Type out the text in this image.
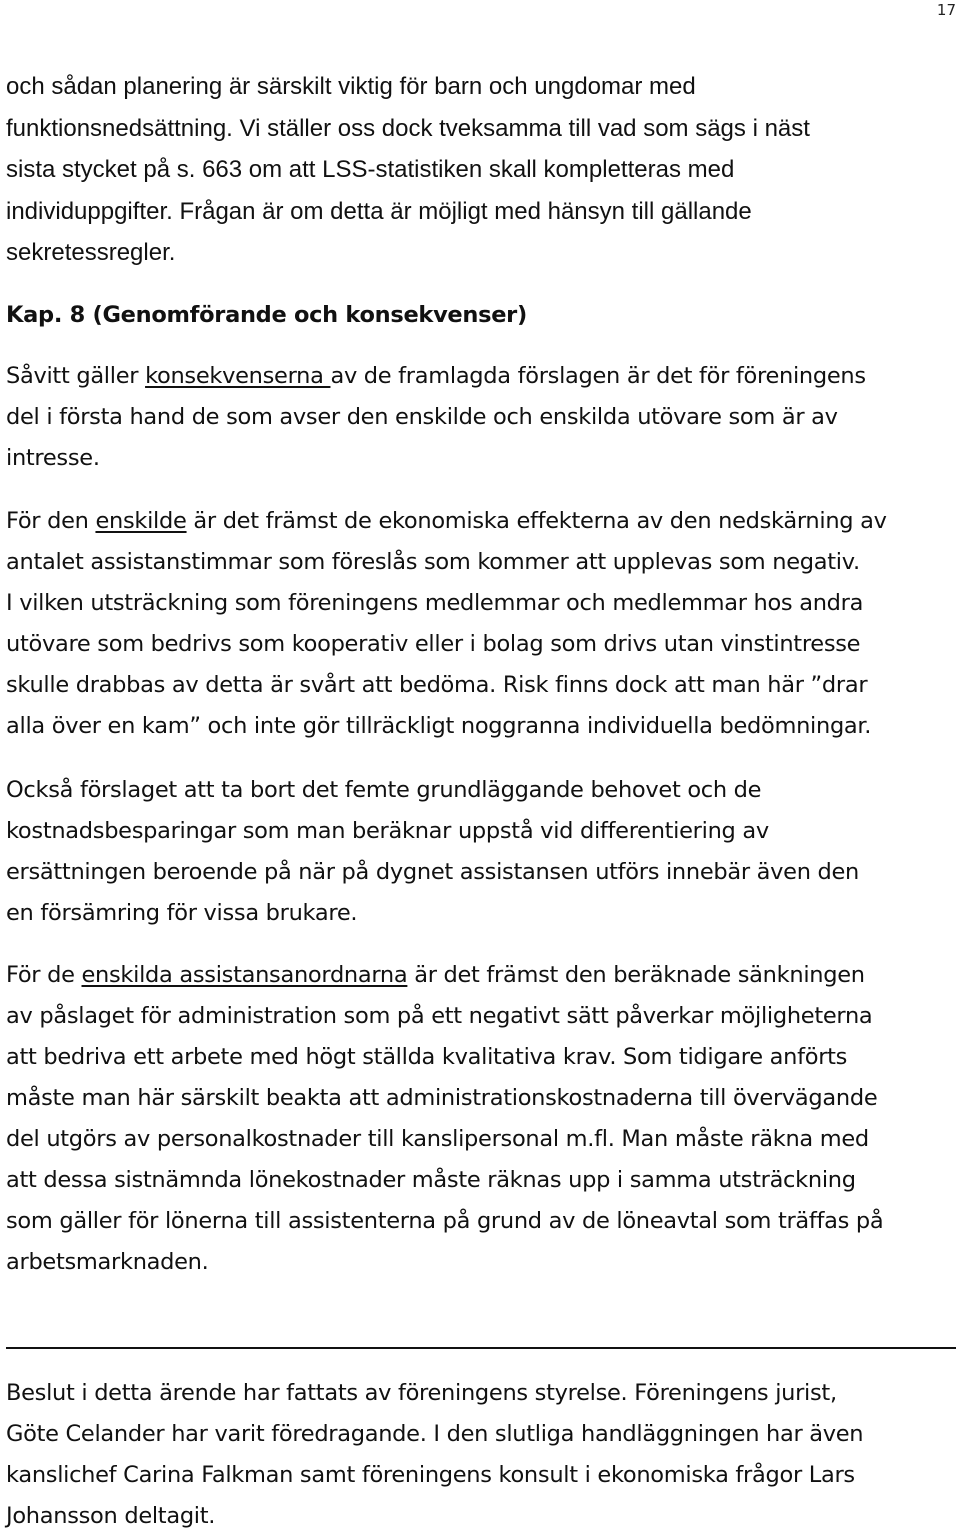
17
och sådan planering är särskilt viktig för barn och ungdomar med
funktionsnedsättning. Vi ställer oss dock tveksamma till vad som sägs i näst
sista stycket på s. 663 om att LSS-statistiken skall kompletteras med
individuppgifter. Frågan är om detta är möjligt med hänsyn till gällande
sekretessregler.
Kap. 8 (Genomförande och konsekvenser)
Såvitt gäller konsekvenserna av de framlagda förslagen är det för föreningens
del i första hand de som avser den enskilde och enskilda utövare som är av
intresse.
För den enskilde är det främst de ekonomiska effekterna av den nedskärning av
antalet assistanstimmar som föreslås som kommer att upplevas som negativ.
I vilken utsträckning som föreningens medlemmar och medlemmar hos andra
utövare som bedrivs som kooperativ eller i bolag som drivs utan vinstintresse
skulle drabbas av detta är svårt att bedöma. Risk finns dock att man här ”drar
alla över en kam” och inte gör tillräckligt noggranna individuella bedömningar.
Också förslaget att ta bort det femte grundläggande behovet och de
kostnadsbesparingar som man beräknar uppstå vid differentiering av
ersättningen beroende på när på dygnet assistansen utförs innebär även den
en försämring för vissa brukare.
För de enskilda assistansanordnarna är det främst den beräknade sänkningen
av påslaget för administration som på ett negativt sätt påverkar möjligheterna
att bedriva ett arbete med högt ställda kvalitativa krav. Som tidigare anförts
måste man här särskilt beakta att administrationskostnaderna till övervägande
del utgörs av personalkostnader till kanslipersonal m.fl. Man måste räkna med
att dessa sistnämnda lönekostnader måste räknas upp i samma utsträckning
som gäller för lönerna till assistenterna på grund av de löneavtal som träffas på
arbetsmarknaden.
Beslut i detta ärende har fattats av föreningens styrelse. Föreningens jurist,
Göte Celander har varit föredragande. I den slutliga handläggningen har även
kanslichef Carina Falkman samt föreningens konsult i ekonomiska frågor Lars
Johansson deltagit.
